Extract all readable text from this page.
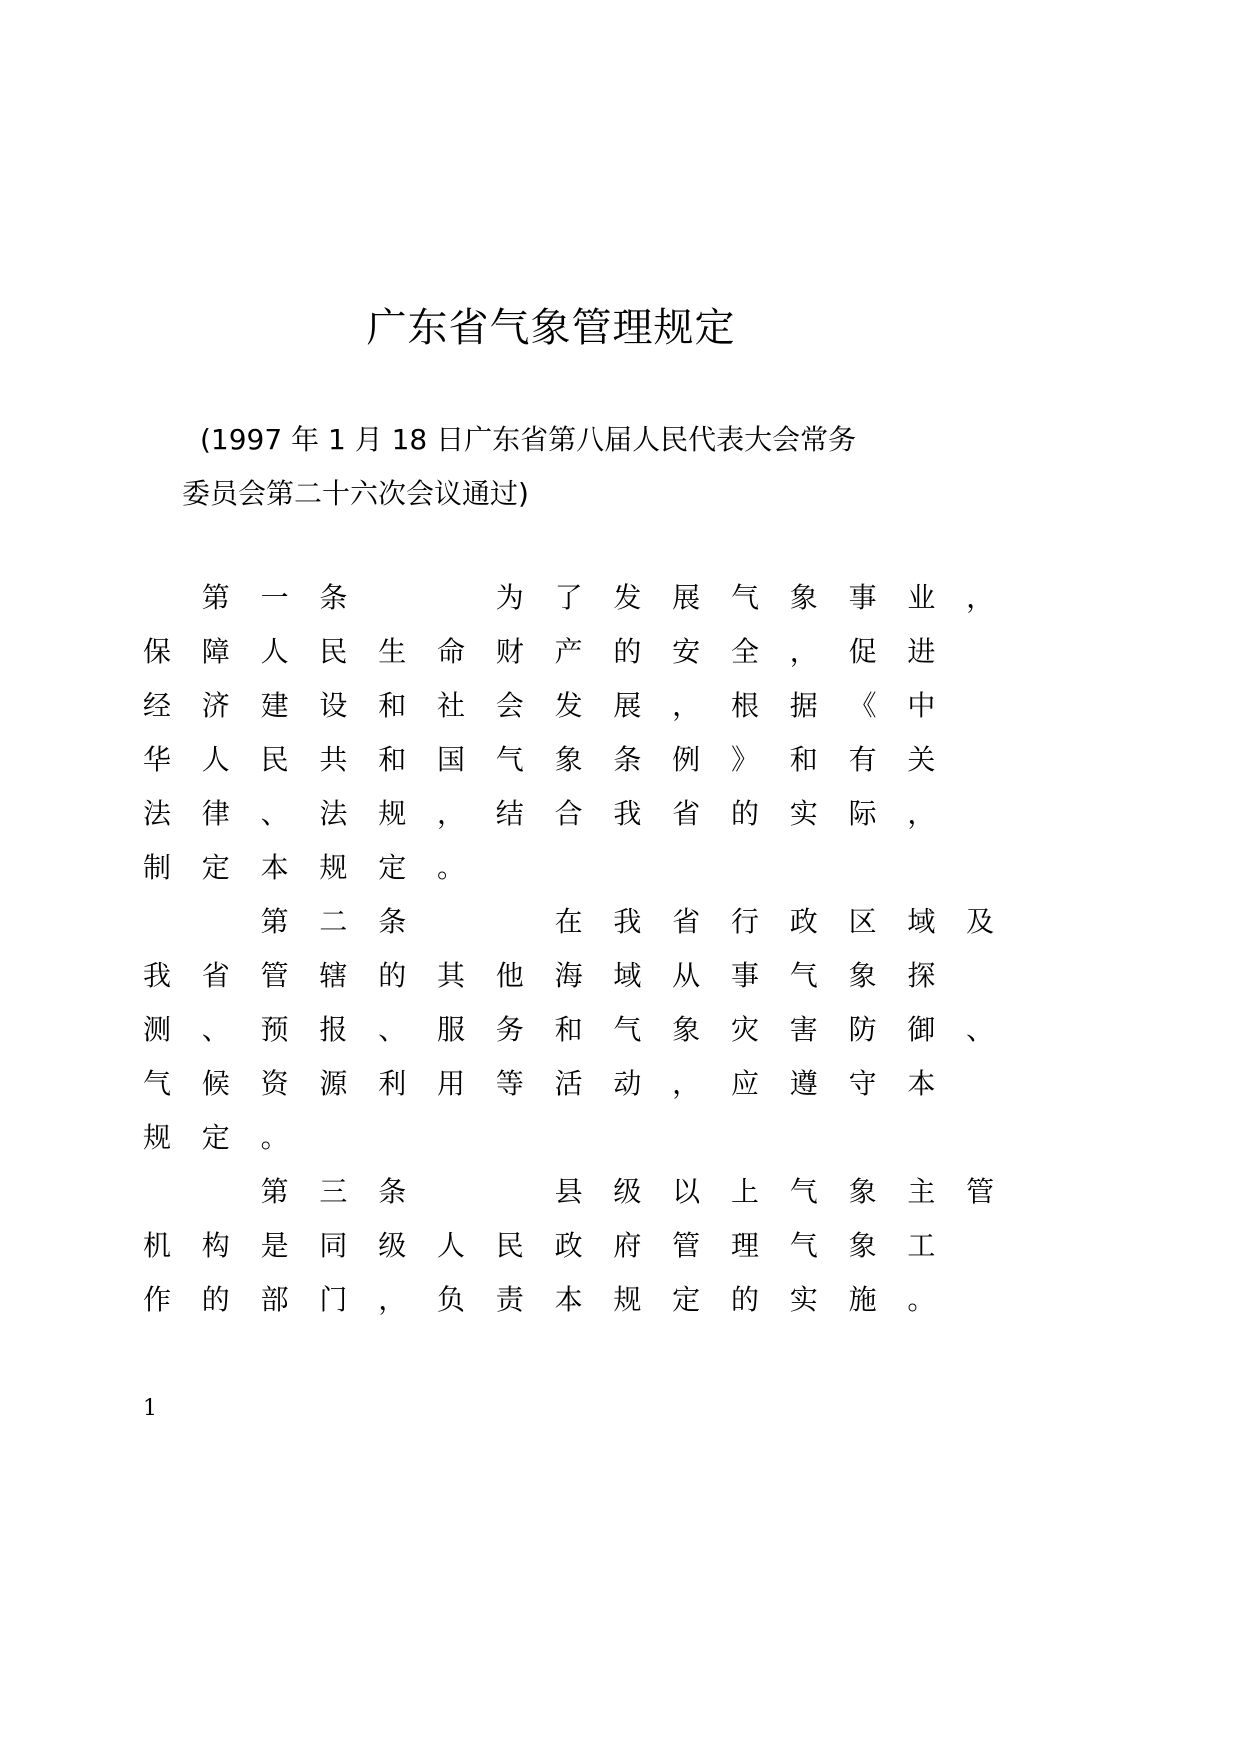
广东省气象管理规定
(1997 年 1 月 18 日广东省第八届人民代表大会常务
委员会第二十六次会议通过)
第 一 条	为 了 发 展 气 象 事 业 ，
保 障 人 民 生 命 财 产 的 安 全 ， 促 进
经 济 建 设 和 社 会 发 展 ， 根 据 《 中
华 人 民 共 和 国 气 象 条 例 》 和 有 关
法 律 、 法 规 ， 结 合 我 省 的 实 际 ，
制 定 本 规 定 。
第 二 条	在 我 省 行 政 区 域 及
我 省 管 辖 的 其 他 海 域 从 事 气 象 探
测 、 预 报 、 服 务 和 气 象 灾 害 防 御 、
气 候 资 源 利 用 等 活 动 ， 应 遵 守 本
规 定 。
第 三 条	县 级 以 上 气 象 主 管
机 构 是 同 级 人 民 政 府 管 理 气 象 工
作 的 部 门 ， 负 责 本 规 定 的 实 施 。
1
